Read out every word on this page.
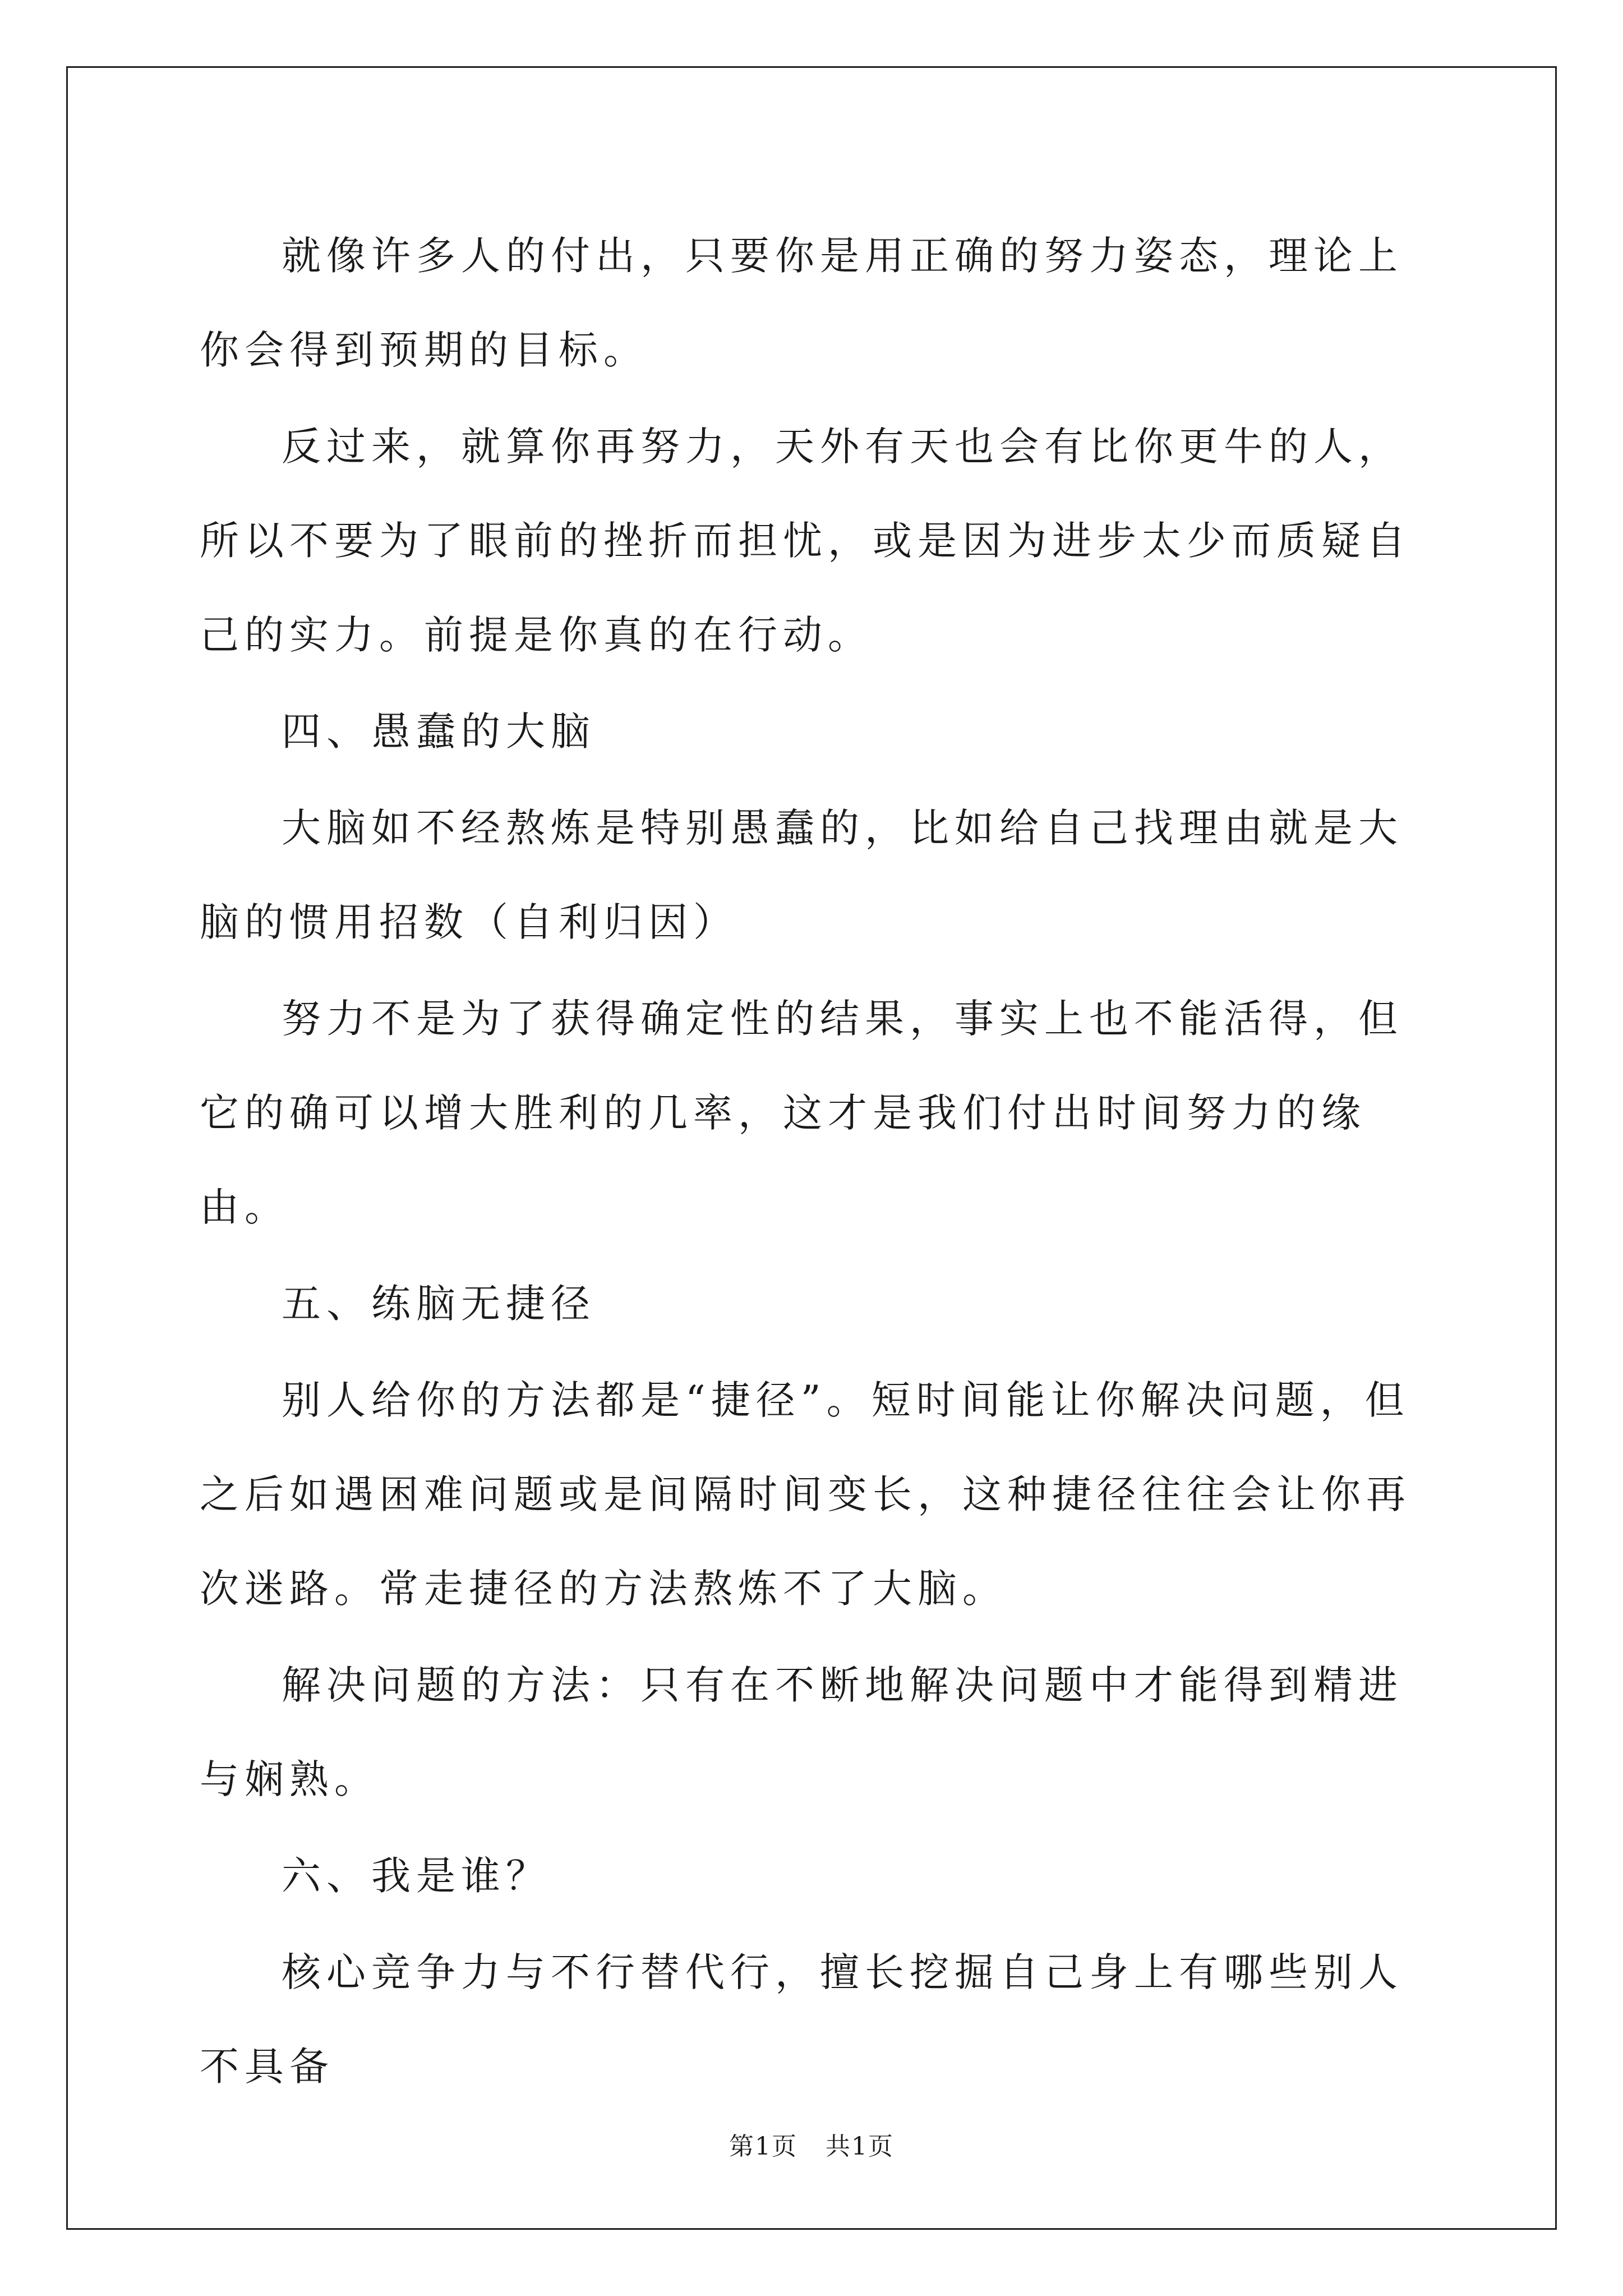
就像许多人的付出，只要你是用正确的努力姿态，理论上你会得到预期的目标。

反过来，就算你再努力，天外有天也会有比你更牛的人，所以不要为了眼前的挫折而担忧，或是因为进步太少而质疑自己的实力。前提是你真的在行动。

四、愚蠢的大脑

大脑如不经熬炼是特别愚蠢的，比如给自己找理由就是大脑的惯用招数（自利归因）

努力不是为了获得确定性的结果，事实上也不能活得，但它的确可以增大胜利的几率，这才是我们付出时间努力的缘由。

五、练脑无捷径

别人给你的方法都是“捷径”。短时间能让你解决问题，但之后如遇困难问题或是间隔时间变长，这种捷径往往会让你再次迷路。常走捷径的方法熬炼不了大脑。

解决问题的方法：只有在不断地解决问题中才能得到精进与娴熟。

六、我是谁？

核心竞争力与不行替代行，擅长挖掘自己身上有哪些别人不具备

第1页 共1页
